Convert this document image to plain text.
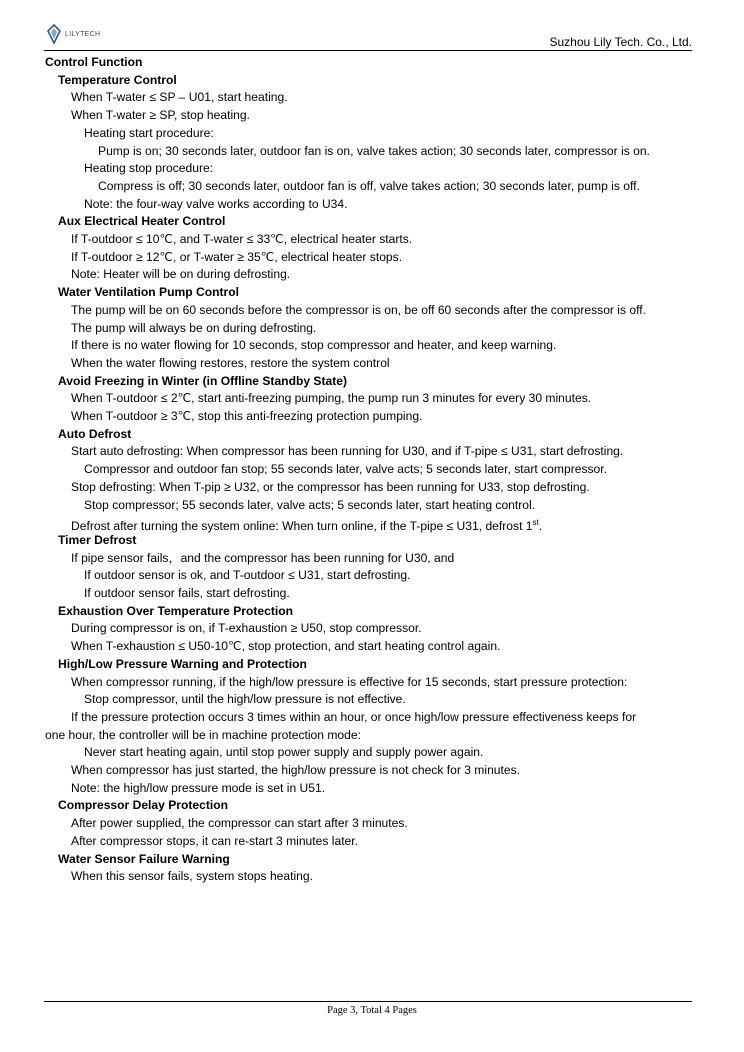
LILYTECH
Suzhou Lily Tech. Co., Ltd.
Control Function
Temperature Control
When T-water ≤ SP – U01, start heating.
When T-water ≥ SP, stop heating.
Heating start procedure:
Pump is on; 30 seconds later, outdoor fan is on, valve takes action; 30 seconds later, compressor is on.
Heating stop procedure:
Compress is off; 30 seconds later, outdoor fan is off, valve takes action; 30 seconds later, pump is off.
Note: the four-way valve works according to U34.
Aux Electrical Heater Control
If T-outdoor ≤ 10℃, and T-water ≤ 33℃, electrical heater starts.
If T-outdoor ≥ 12℃, or T-water ≥ 35℃, electrical heater stops.
Note: Heater will be on during defrosting.
Water Ventilation Pump Control
The pump will be on 60 seconds before the compressor is on, be off 60 seconds after the compressor is off.
The pump will always be on during defrosting.
If there is no water flowing for 10 seconds, stop compressor and heater, and keep warning.
When the water flowing restores, restore the system control
Avoid Freezing in Winter (in Offline Standby State)
When T-outdoor ≤ 2℃, start anti-freezing pumping, the pump run 3 minutes for every 30 minutes.
When T-outdoor ≥ 3℃, stop this anti-freezing protection pumping.
Auto Defrost
Start auto defrosting: When compressor has been running for U30, and if T-pipe ≤ U31, start defrosting.
Compressor and outdoor fan stop; 55 seconds later, valve acts; 5 seconds later, start compressor.
Stop defrosting: When T-pip ≥ U32, or the compressor has been running for U33, stop defrosting.
Stop compressor; 55 seconds later, valve acts; 5 seconds later, start heating control.
Defrost after turning the system online: When turn online, if the T-pipe ≤ U31, defrost 1st.
Timer Defrost
If pipe sensor fails，and the compressor has been running for U30, and
If outdoor sensor is ok, and T-outdoor ≤ U31, start defrosting.
If outdoor sensor fails, start defrosting.
Exhaustion Over Temperature Protection
During compressor is on, if T-exhaustion ≥ U50, stop compressor.
When T-exhaustion ≤ U50-10℃, stop protection, and start heating control again.
High/Low Pressure Warning and Protection
When compressor running, if the high/low pressure is effective for 15 seconds, start pressure protection:
Stop compressor, until the high/low pressure is not effective.
If the pressure protection occurs 3 times within an hour, or once high/low pressure effectiveness keeps for
one hour, the controller will be in machine protection mode:
Never start heating again, until stop power supply and supply power again.
When compressor has just started, the high/low pressure is not check for 3 minutes.
Note: the high/low pressure mode is set in U51.
Compressor Delay Protection
After power supplied, the compressor can start after 3 minutes.
After compressor stops, it can re-start 3 minutes later.
Water Sensor Failure Warning
When this sensor fails, system stops heating.
Page 3, Total 4 Pages
